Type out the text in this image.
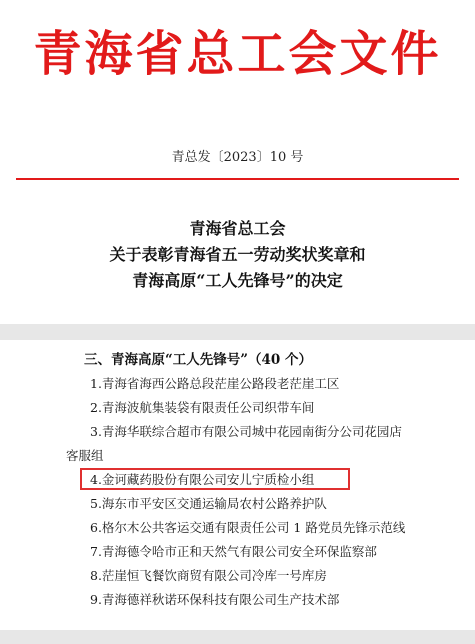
青海省总工会文件
青总发〔2023〕10 号
青海省总工会
关于表彰青海省五一劳动奖状奖章和
青海高原“工人先锋号”的决定
三、青海高原“工人先锋号”（40 个）
1.青海省海西公路总段茫崖公路段老茫崖工区
2.青海波航集装袋有限责任公司织带车间
3.青海华联综合超市有限公司城中花园南街分公司花园店
客服组
4.金诃藏药股份有限公司安儿宁质检小组
5.海东市平安区交通运输局农村公路养护队
6.格尔木公共客运交通有限责任公司 1 路党员先锋示范线
7.青海德令哈市正和天然气有限公司安全环保监察部
8.茫崖恒飞餐饮商贸有限公司冷库一号库房
9.青海德祥秋诺环保科技有限公司生产技术部
